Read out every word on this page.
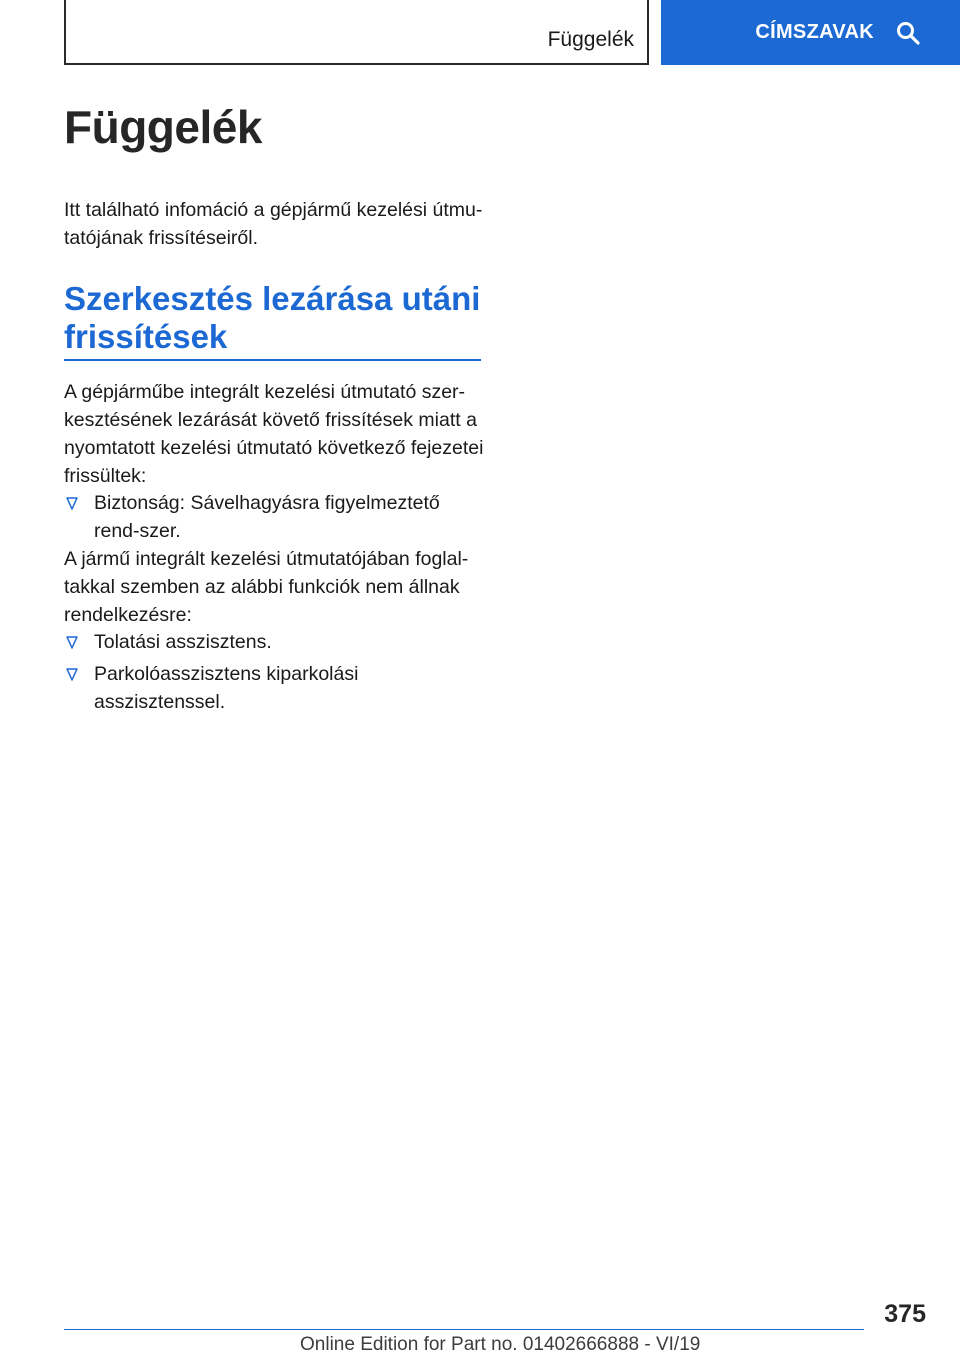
Függelék	CÍMSZAVAK
Függelék

Itt található infomáció a gépjármű kezelési útmu‐tatójának frissítéseiről.

Szerkesztés lezárása utáni frissítések

A gépjárműbe integrált kezelési útmutató szer‐kesztésének lezárását követő frissítések miatt a nyomtatott kezelési útmutató következő fejezetei frissültek:

Biztonság: Sávelhagyásra figyelmeztető rend‐szer.

A jármű integrált kezelési útmutatójában foglal‐takkal szemben az alábbi funkciók nem állnak rendelkezésre:

Tolatási asszisztens.
Parkolóasszisztens kiparkolási asszisztenssel.
375
Online Edition for Part no. 01402666888 - VI/19
